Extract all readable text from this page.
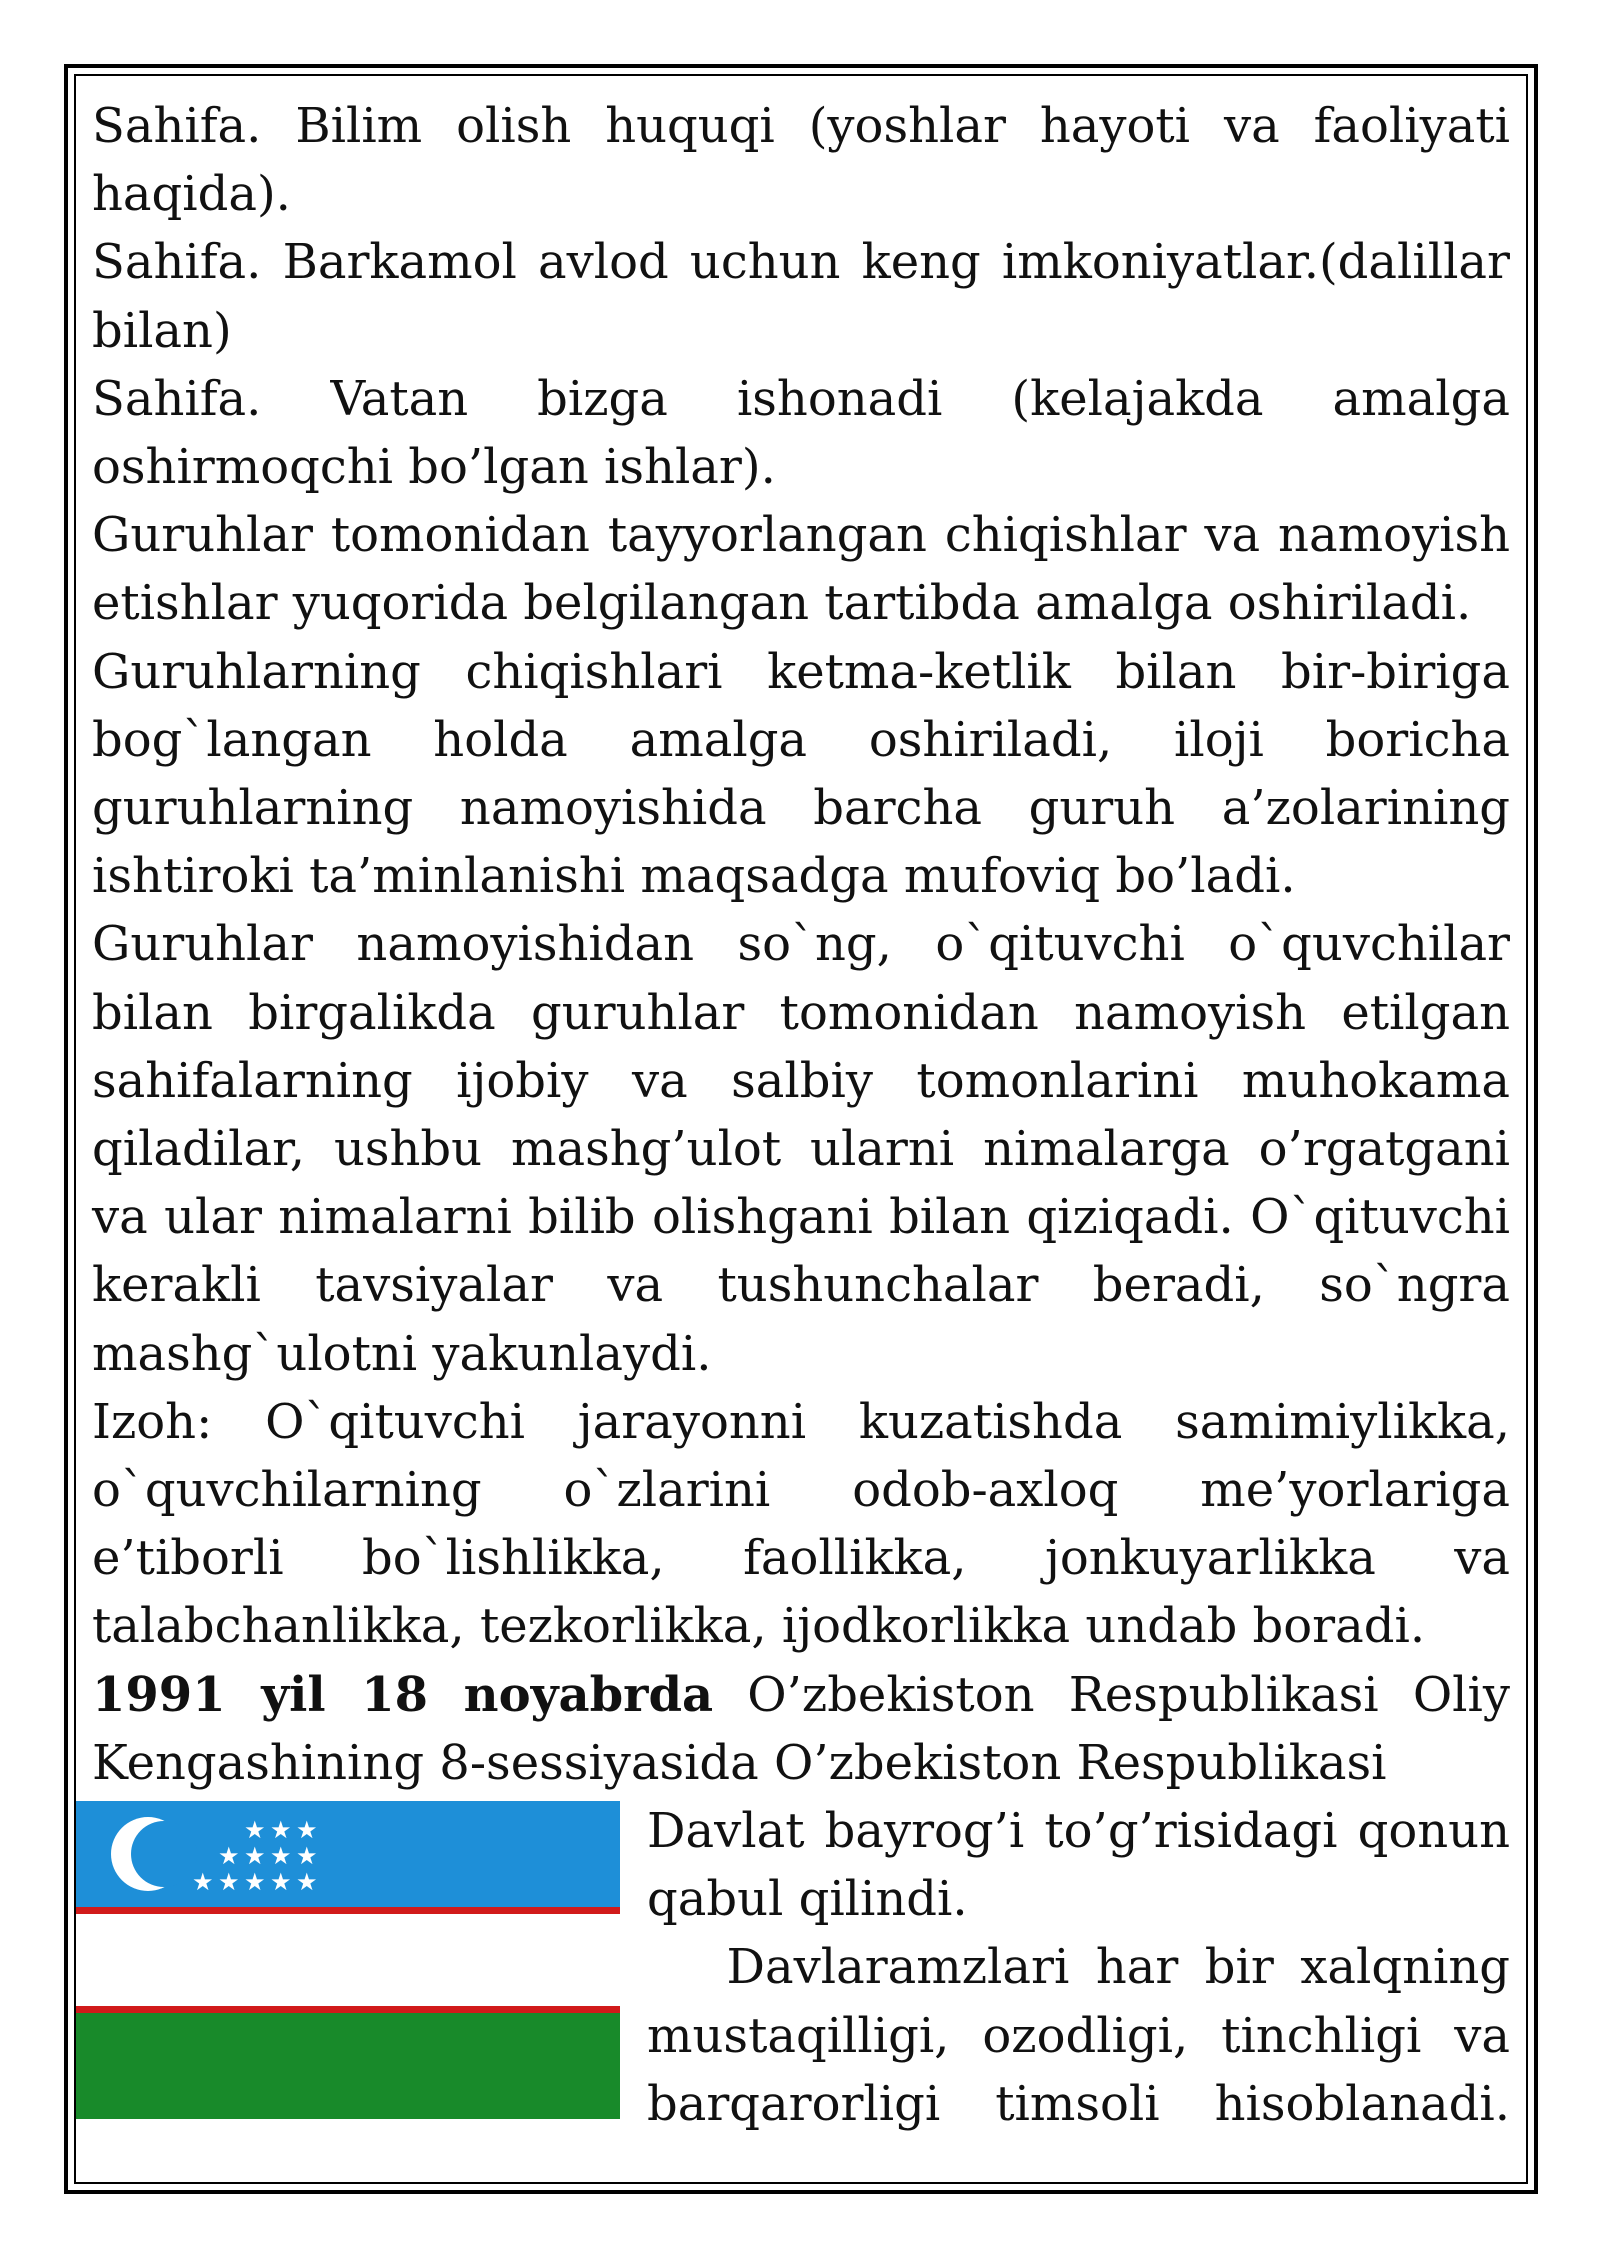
Sahifa. Bilim olish huquqi (yoshlar hayoti va faoliyati haqida).

Sahifa. Barkamol avlod uchun keng imkoniyatlar.(dalillar bilan)

Sahifa. Vatan bizga ishonadi (kelajakda amalga oshirmoqchi bo’lgan ishlar).

Guruhlar tomonidan tayyorlangan chiqishlar va namoyish etishlar yuqorida belgilangan tartibda amalga oshiriladi.

Guruhlarning chiqishlari ketma-ketlik bilan bir-biriga bog`langan holda amalga oshiriladi, iloji boricha guruhlarning namoyishida barcha guruh a’zolarining ishtiroki ta’minlanishi maqsadga mufoviq bo’ladi.

Guruhlar namoyishidan so`ng, o`qituvchi o`quvchilar bilan birgalikda guruhlar tomonidan namoyish etilgan sahifalarning ijobiy va salbiy tomonlarini muhokama qiladilar, ushbu mashg’ulot ularni nimalarga o’rgatgani va ular nimalarni bilib olishgani bilan qiziqadi. O`qituvchi kerakli tavsiyalar va tushunchalar beradi, so`ngra mashg`ulotni yakunlaydi.

Izoh: O`qituvchi jarayonni kuzatishda samimiylikka, o`quvchilarning o`zlarini odob-axloq me’yorlariga e’tiborli bo`lishlikka, faollikka, jonkuyarlikka va talabchanlikka, tezkorlikka, ijodkorlikka undab boradi.

1991 yil 18 noyabrda O’zbekiston Respublikasi Oliy Kengashining 8-sessiyasida O’zbekiston Respublikasi

★ ★ ★
★ ★ ★ ★
★ ★ ★ ★ ★

Davlat bayrog’i to’g’risidagi qonun qabul qilindi.

Davlaramzlari har bir xalqning mustaqilligi, ozodligi, tinchligi va barqarorligi timsoli hisoblanadi.
